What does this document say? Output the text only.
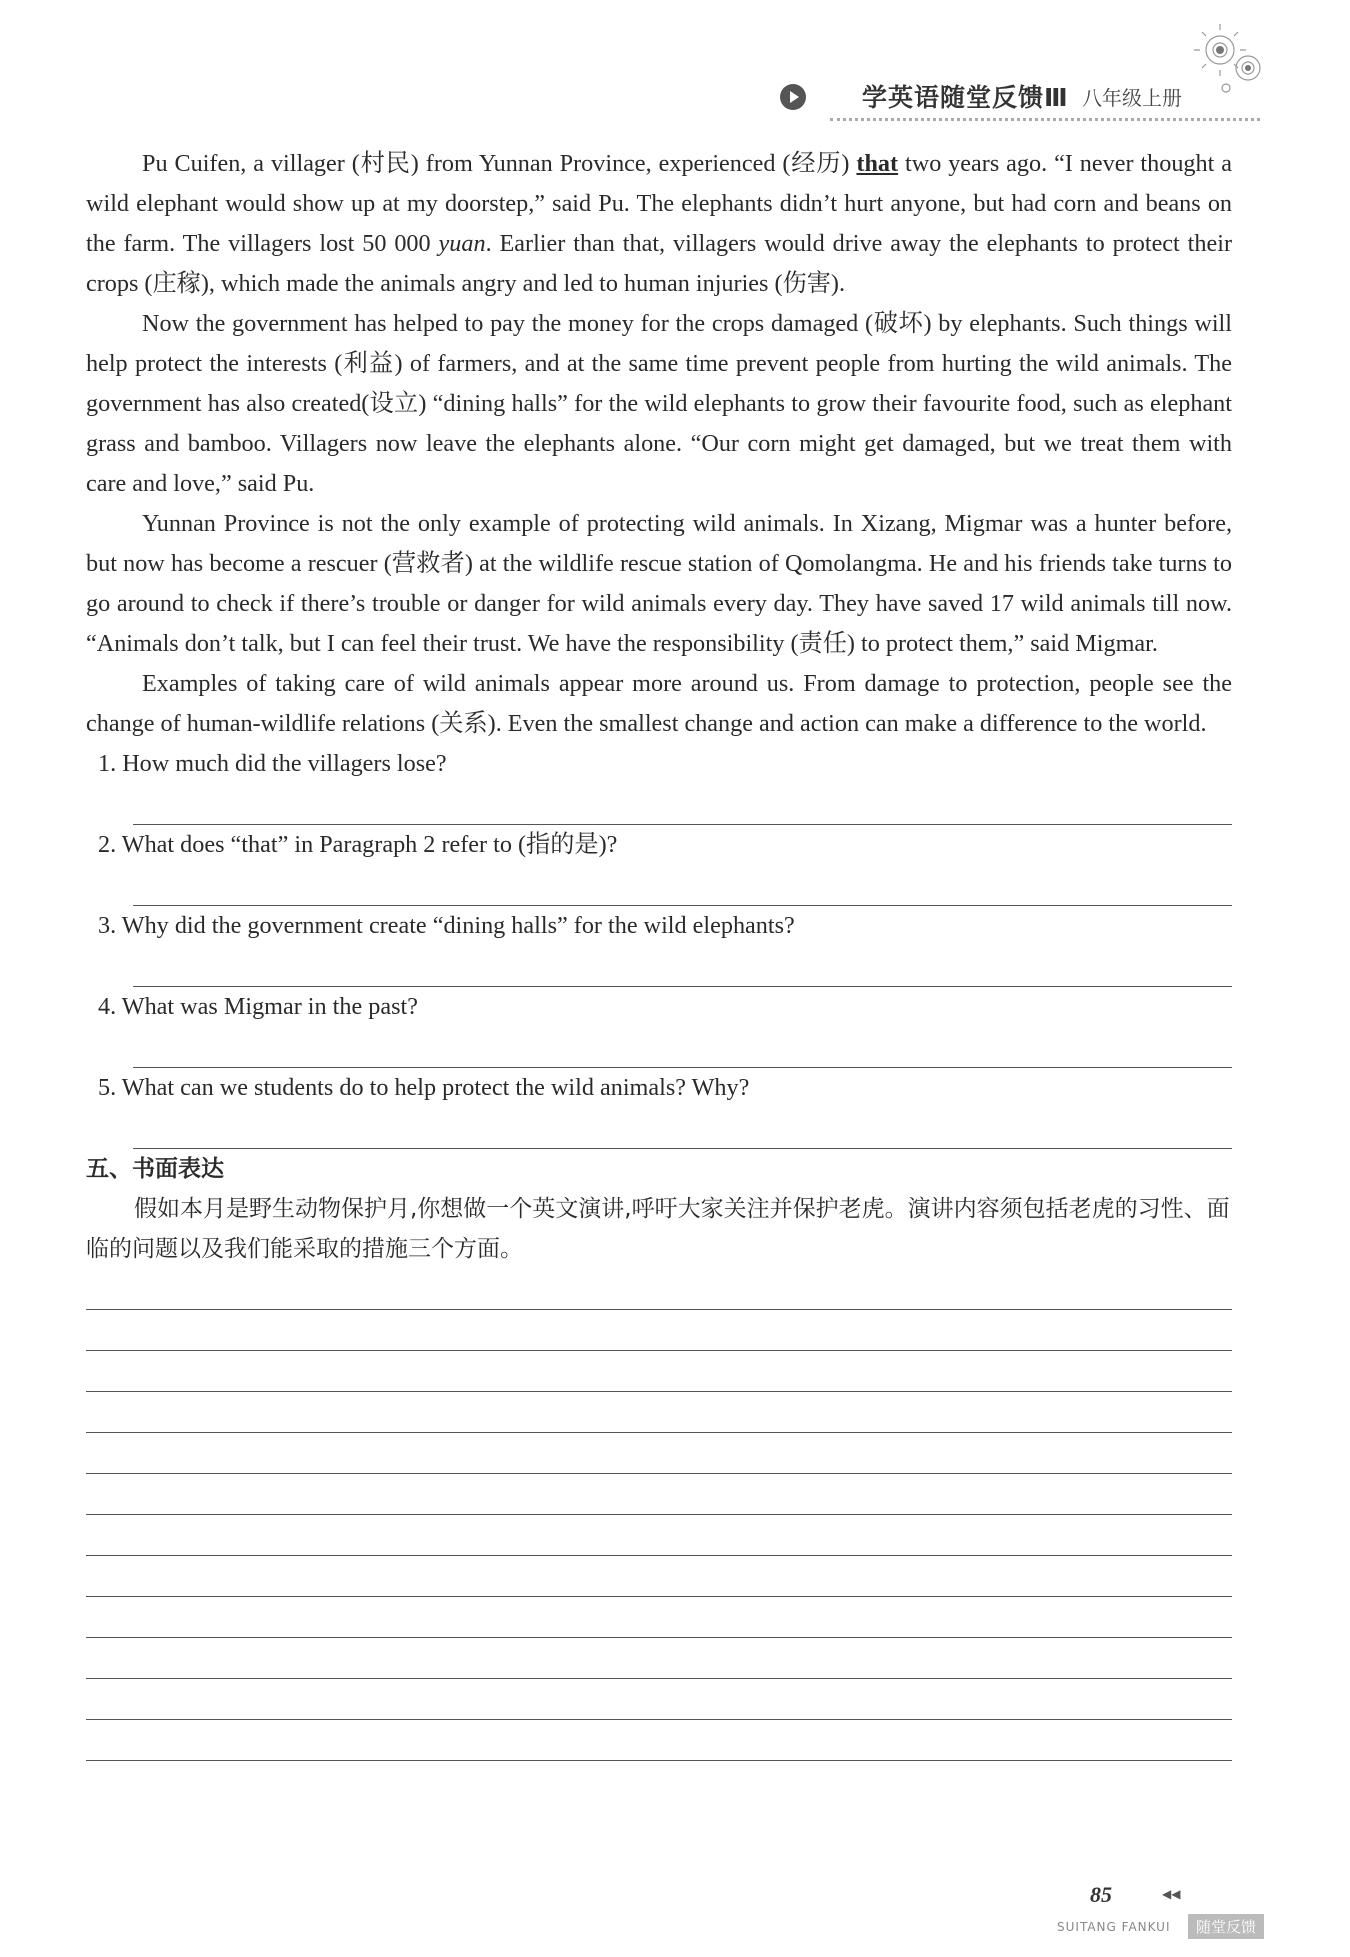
学英语随堂反馈Ⅲ 八年级上册

Pu Cuifen, a villager (村民) from Yunnan Province, experienced (经历) that two years ago. “I never thought a wild elephant would show up at my doorstep,” said Pu. The elephants didn’t hurt anyone, but had corn and beans on the farm. The villagers lost 50 000 yuan. Earlier than that, villagers would drive away the elephants to protect their crops (庄稼), which made the animals angry and led to human injuries (伤害).

Now the government has helped to pay the money for the crops damaged (破坏) by elephants. Such things will help protect the interests (利益) of farmers, and at the same time prevent people from hurting the wild animals. The government has also created(设立) “dining halls” for the wild elephants to grow their favourite food, such as elephant grass and bamboo. Villagers now leave the elephants alone. “Our corn might get damaged, but we treat them with care and love,” said Pu.

Yunnan Province is not the only example of protecting wild animals. In Xizang, Migmar was a hunter before, but now has become a rescuer (营救者) at the wildlife rescue station of Qomolangma. He and his friends take turns to go around to check if there’s trouble or danger for wild animals every day. They have saved 17 wild animals till now. “Animals don’t talk, but I can feel their trust. We have the responsibility (责任) to protect them,” said Migmar.

Examples of taking care of wild animals appear more around us. From damage to protection, people see the change of human-wildlife relations (关系). Even the smallest change and action can make a difference to the world.

1. How much did the villagers lose?

2. What does “that” in Paragraph 2 refer to (指的是)?

3. Why did the government create “dining halls” for the wild elephants?

4. What was Migmar in the past?

5. What can we students do to help protect the wild animals? Why?

五、书面表达

假如本月是野生动物保护月,你想做一个英文演讲,呼吁大家关注并保护老虎。演讲内容须包括老虎的习性、面临的问题以及我们能采取的措施三个方面。

85	◀◀
SUITANG FANKUI	随堂反馈
